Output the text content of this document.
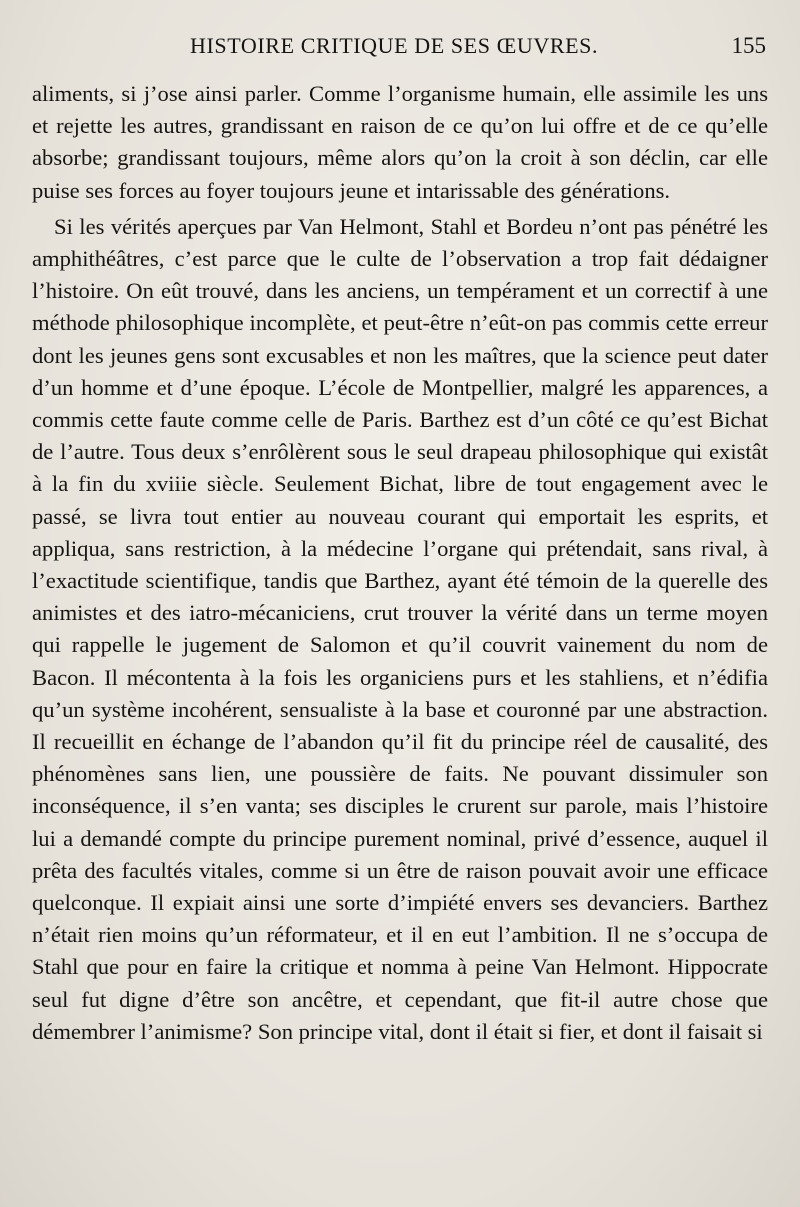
HISTOIRE CRITIQUE DE SES ŒUVRES.	155

aliments, si j’ose ainsi parler. Comme l’organisme humain, elle assimile les uns et rejette les autres, grandissant en raison de ce qu’on lui offre et de ce qu’elle absorbe; grandissant toujours, même alors qu’on la croit à son déclin, car elle puise ses forces au foyer toujours jeune et intarissable des générations.

Si les vérités aperçues par Van Helmont, Stahl et Bordeu n’ont pas pénétré les amphithéâtres, c’est parce que le culte de l’observation a trop fait dédaigner l’histoire. On eût trouvé, dans les anciens, un tempérament et un correctif à une méthode philosophique incomplète, et peut-être n’eût-on pas commis cette erreur dont les jeunes gens sont excusables et non les maîtres, que la science peut dater d’un homme et d’une époque. L’école de Montpellier, malgré les apparences, a commis cette faute comme celle de Paris. Barthez est d’un côté ce qu’est Bichat de l’autre. Tous deux s’enrôlèrent sous le seul drapeau philosophique qui existât à la fin du xviiie siècle. Seulement Bichat, libre de tout engagement avec le passé, se livra tout entier au nouveau courant qui emportait les esprits, et appliqua, sans restriction, à la médecine l’organe qui prétendait, sans rival, à l’exactitude scientifique, tandis que Barthez, ayant été témoin de la querelle des animistes et des iatro-mécaniciens, crut trouver la vérité dans un terme moyen qui rappelle le jugement de Salomon et qu’il couvrit vainement du nom de Bacon. Il mécontenta à la fois les organiciens purs et les stahliens, et n’édifia qu’un système incohérent, sensualiste à la base et couronné par une abstraction. Il recueillit en échange de l’abandon qu’il fit du principe réel de causalité, des phénomènes sans lien, une poussière de faits. Ne pouvant dissimuler son inconséquence, il s’en vanta; ses disciples le crurent sur parole, mais l’histoire lui a demandé compte du principe purement nominal, privé d’essence, auquel il prêta des facultés vitales, comme si un être de raison pouvait avoir une efficace quelconque. Il expiait ainsi une sorte d’impiété envers ses devanciers. Barthez n’était rien moins qu’un réformateur, et il en eut l’ambition. Il ne s’occupa de Stahl que pour en faire la critique et nomma à peine Van Helmont. Hippocrate seul fut digne d’être son ancêtre, et cependant, que fit-il autre chose que démembrer l’animisme? Son principe vital, dont il était si fier, et dont il faisait si
